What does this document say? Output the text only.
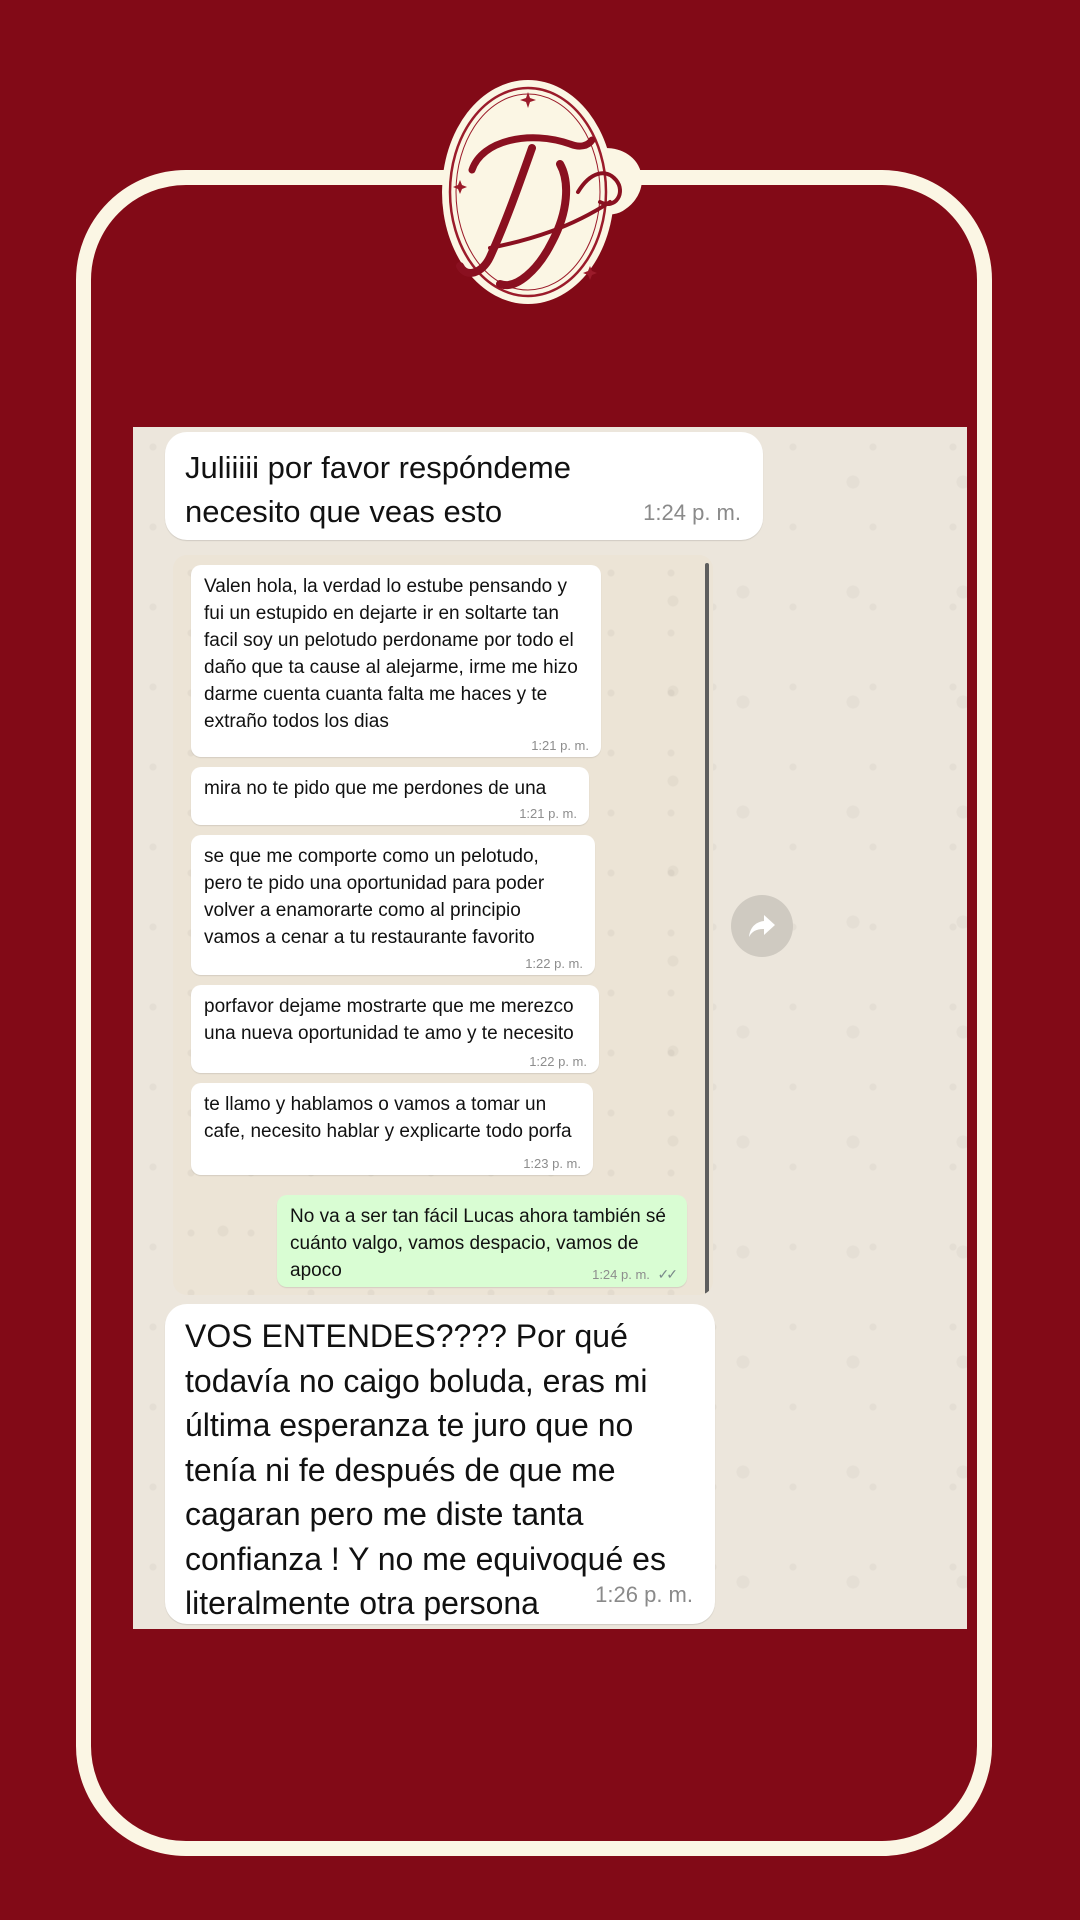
Juliiiii por favor respóndeme necesito que veas esto	1:24 p. m.
Valen hola, la verdad lo estube pensando y fui un estupido en dejarte ir en soltarte tan facil soy un pelotudo perdoname por todo el daño que ta cause al alejarme, irme me hizo darme cuenta cuanta falta me haces y te extraño todos los dias
1:21 p. m.
mira no te pido que me perdones de una
1:21 p. m.
se que me comporte como un pelotudo, pero te pido una oportunidad para poder volver a enamorarte como al principio vamos a cenar a tu restaurante favorito
1:22 p. m.
porfavor dejame mostrarte que me merezco una nueva oportunidad te amo y te necesito
1:22 p. m.
te llamo y hablamos o vamos a tomar un cafe, necesito hablar y explicarte todo porfa
1:23 p. m.
No va a ser tan fácil Lucas ahora también sé cuánto valgo, vamos despacio, vamos de apoco	1:24 p. m. ✓✓
VOS ENTENDES???? Por qué todavía no caigo boluda, eras mi última esperanza te juro que no tenía ni fe después de que me cagaran pero me diste tanta confianza ! Y no me equivoqué es literalmente otra persona	1:26 p. m.
